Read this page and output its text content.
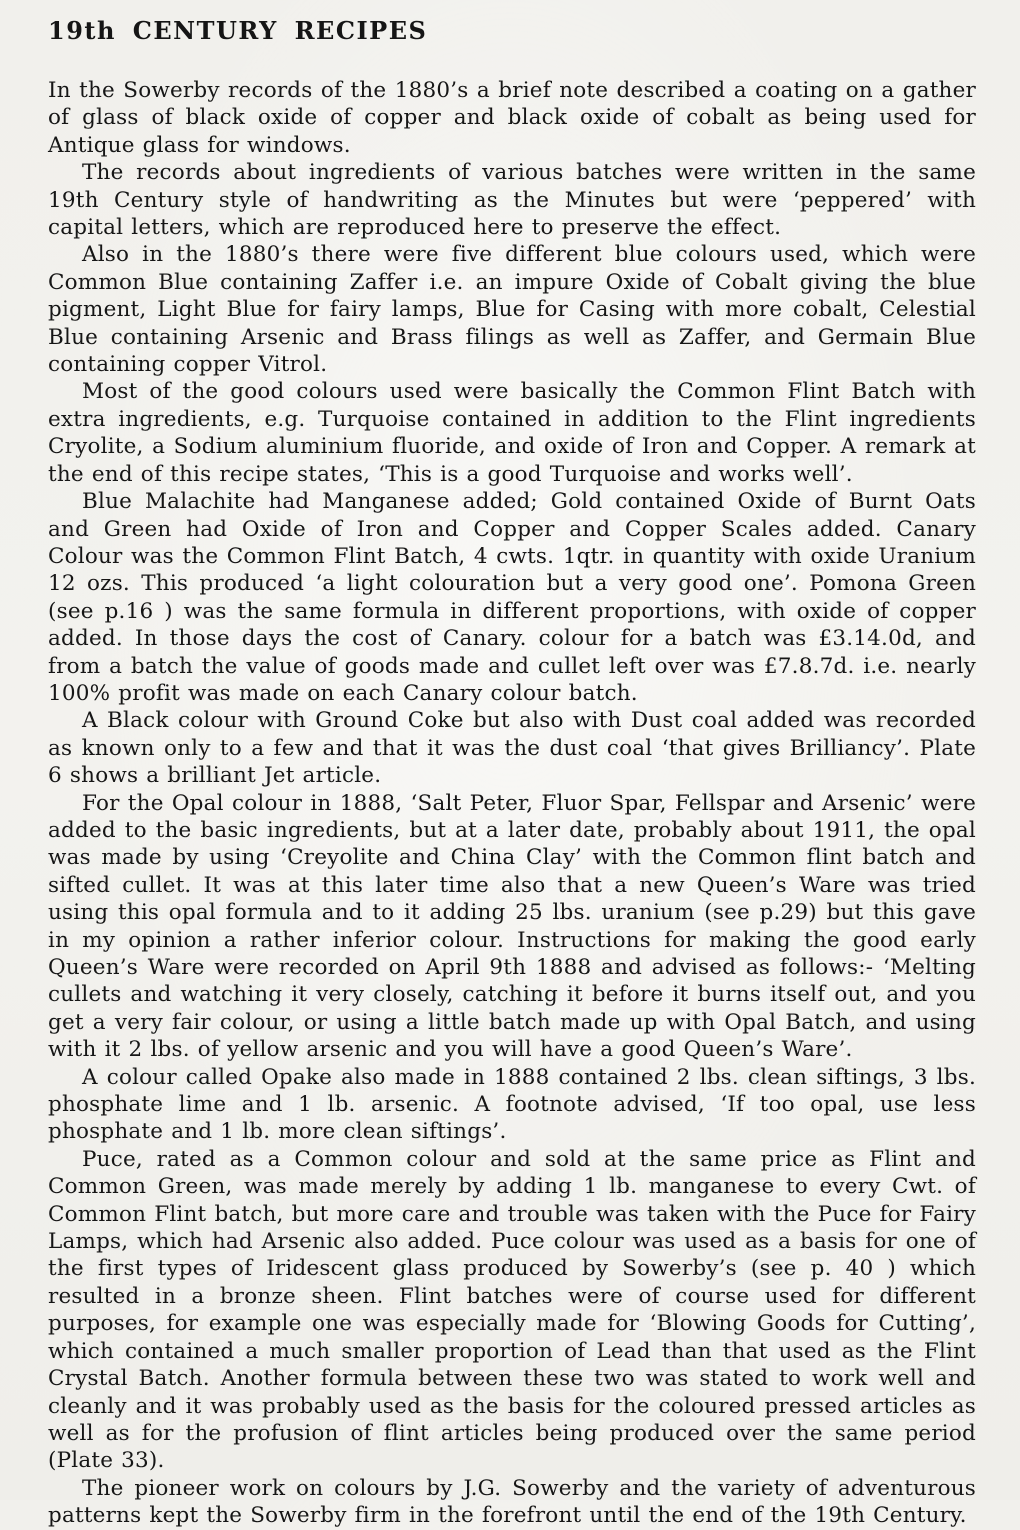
19th CENTURY RECIPES

In the Sowerby records of the 1880’s a brief note described a coating on a gather of glass of black oxide of copper and black oxide of cobalt as being used for Antique glass for windows.

The records about ingredients of various batches were written in the same 19th Century style of handwriting as the Minutes but were ‘peppered’ with capital letters, which are reproduced here to preserve the effect.

Also in the 1880’s there were five different blue colours used, which were Common Blue containing Zaffer i.e. an impure Oxide of Cobalt giving the blue pigment, Light Blue for fairy lamps, Blue for Casing with more cobalt, Celestial Blue containing Arsenic and Brass filings as well as Zaffer, and Germain Blue containing copper Vitrol.

Most of the good colours used were basically the Common Flint Batch with extra ingredients, e.g. Turquoise contained in addition to the Flint ingredients Cryolite, a Sodium aluminium fluoride, and oxide of Iron and Copper. A remark at the end of this recipe states, ‘This is a good Turquoise and works well’.

Blue Malachite had Manganese added; Gold contained Oxide of Burnt Oats and Green had Oxide of Iron and Copper and Copper Scales added. Canary Colour was the Common Flint Batch, 4 cwts. 1qtr. in quantity with oxide Uranium 12 ozs. This produced ‘a light colouration but a very good one’. Pomona Green (see p.16 ) was the same formula in different proportions, with oxide of copper added. In those days the cost of Canary. colour for a batch was £3.14.0d, and from a batch the value of goods made and cullet left over was £7.8.7d. i.e. nearly 100% profit was made on each Canary colour batch.

A Black colour with Ground Coke but also with Dust coal added was recorded as known only to a few and that it was the dust coal ‘that gives Brilliancy’. Plate 6 shows a brilliant Jet article.

For the Opal colour in 1888, ‘Salt Peter, Fluor Spar, Fellspar and Arsenic’ were added to the basic ingredients, but at a later date, probably about 1911, the opal was made by using ‘Creyolite and China Clay’ with the Common flint batch and sifted cullet. It was at this later time also that a new Queen’s Ware was tried using this opal formula and to it adding 25 lbs. uranium (see p.29) but this gave in my opinion a rather inferior colour. Instructions for making the good early Queen’s Ware were recorded on April 9th 1888 and advised as follows:- ‘Melting cullets and watching it very closely, catching it before it burns itself out, and you get a very fair colour, or using a little batch made up with Opal Batch, and using with it 2 lbs. of yellow arsenic and you will have a good Queen’s Ware’.

A colour called Opake also made in 1888 contained 2 lbs. clean siftings, 3 lbs. phosphate lime and 1 lb. arsenic. A footnote advised, ‘If too opal, use less phosphate and 1 lb. more clean siftings’.

Puce, rated as a Common colour and sold at the same price as Flint and Common Green, was made merely by adding 1 lb. manganese to every Cwt. of Common Flint batch, but more care and trouble was taken with the Puce for Fairy Lamps, which had Arsenic also added. Puce colour was used as a basis for one of the first types of Iridescent glass produced by Sowerby’s (see p. 40 ) which resulted in a bronze sheen. Flint batches were of course used for different purposes, for example one was especially made for ‘Blowing Goods for Cutting’, which contained a much smaller proportion of Lead than that used as the Flint Crystal Batch. Another formula between these two was stated to work well and cleanly and it was probably used as the basis for the coloured pressed articles as well as for the profusion of flint articles being produced over the same period (Plate 33).

The pioneer work on colours by J.G. Sowerby and the variety of adventurous patterns kept the Sowerby firm in the forefront until the end of the 19th Century.
